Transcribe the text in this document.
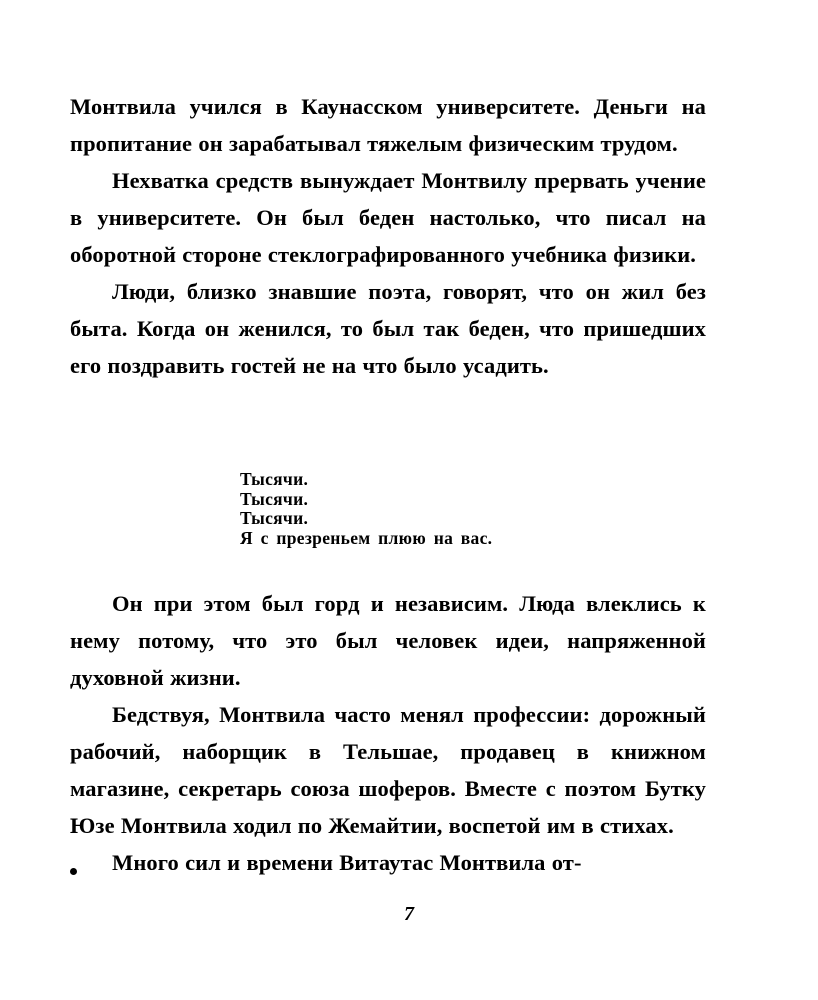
Монтвила учился в Каунасском университете. Деньги на пропитание он зарабатывал тяжелым физическим трудом.

Нехватка средств вынуждает Монтвилу прервать учение в университете. Он был беден настолько, что писал на оборотной стороне стеклографированного учебника физики.

Люди, близко знавшие поэта, говорят, что он жил без быта. Когда он женился, то был так беден, что пришедших его поздравить гостей не на что было усадить.

Тысячи.
Тысячи.
Тысячи.
Я с презреньем плюю на вас.

Он при этом был горд и независим. Люда влеклись к нему потому, что это был человек идеи, напряженной духовной жизни.

Бедствуя, Монтвила часто менял профессии: дорожный рабочий, наборщик в Тельшае, продавец в книжном магазине, секретарь союза шоферов. Вместе с поэтом Бутку Юзе Монтвила ходил по Жемайтии, воспетой им в стихах.

Много сил и времени Витаутас Монтвила от-

7
